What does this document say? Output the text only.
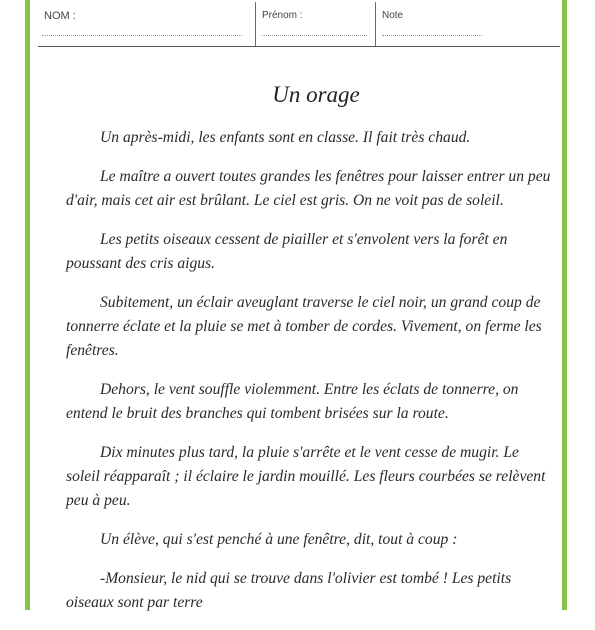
NOM :	Prénom :	Note
Un orage

Un après-midi, les enfants sont en classe. Il fait très chaud.

Le maître a ouvert toutes grandes les fenêtres pour laisser entrer un peu d'air, mais cet air est brûlant. Le ciel est gris. On ne voit pas de soleil.

Les petits oiseaux cessent de piailler et s'envolent vers la forêt en poussant des cris aigus.

Subitement, un éclair aveuglant traverse le ciel noir, un grand coup de tonnerre éclate et la pluie se met à tomber de cordes. Vivement, on ferme les fenêtres.

Dehors, le vent souffle violemment. Entre les éclats de tonnerre, on entend le bruit des branches qui tombent brisées sur la route.

Dix minutes plus tard, la pluie s'arrête et le vent cesse de mugir. Le soleil réapparaît ; il éclaire le jardin mouillé. Les fleurs courbées se relèvent peu à peu.

Un élève, qui s'est penché à une fenêtre, dit, tout à coup :

-Monsieur, le nid qui se trouve dans l'olivier est tombé ! Les petits oiseaux sont par terre
